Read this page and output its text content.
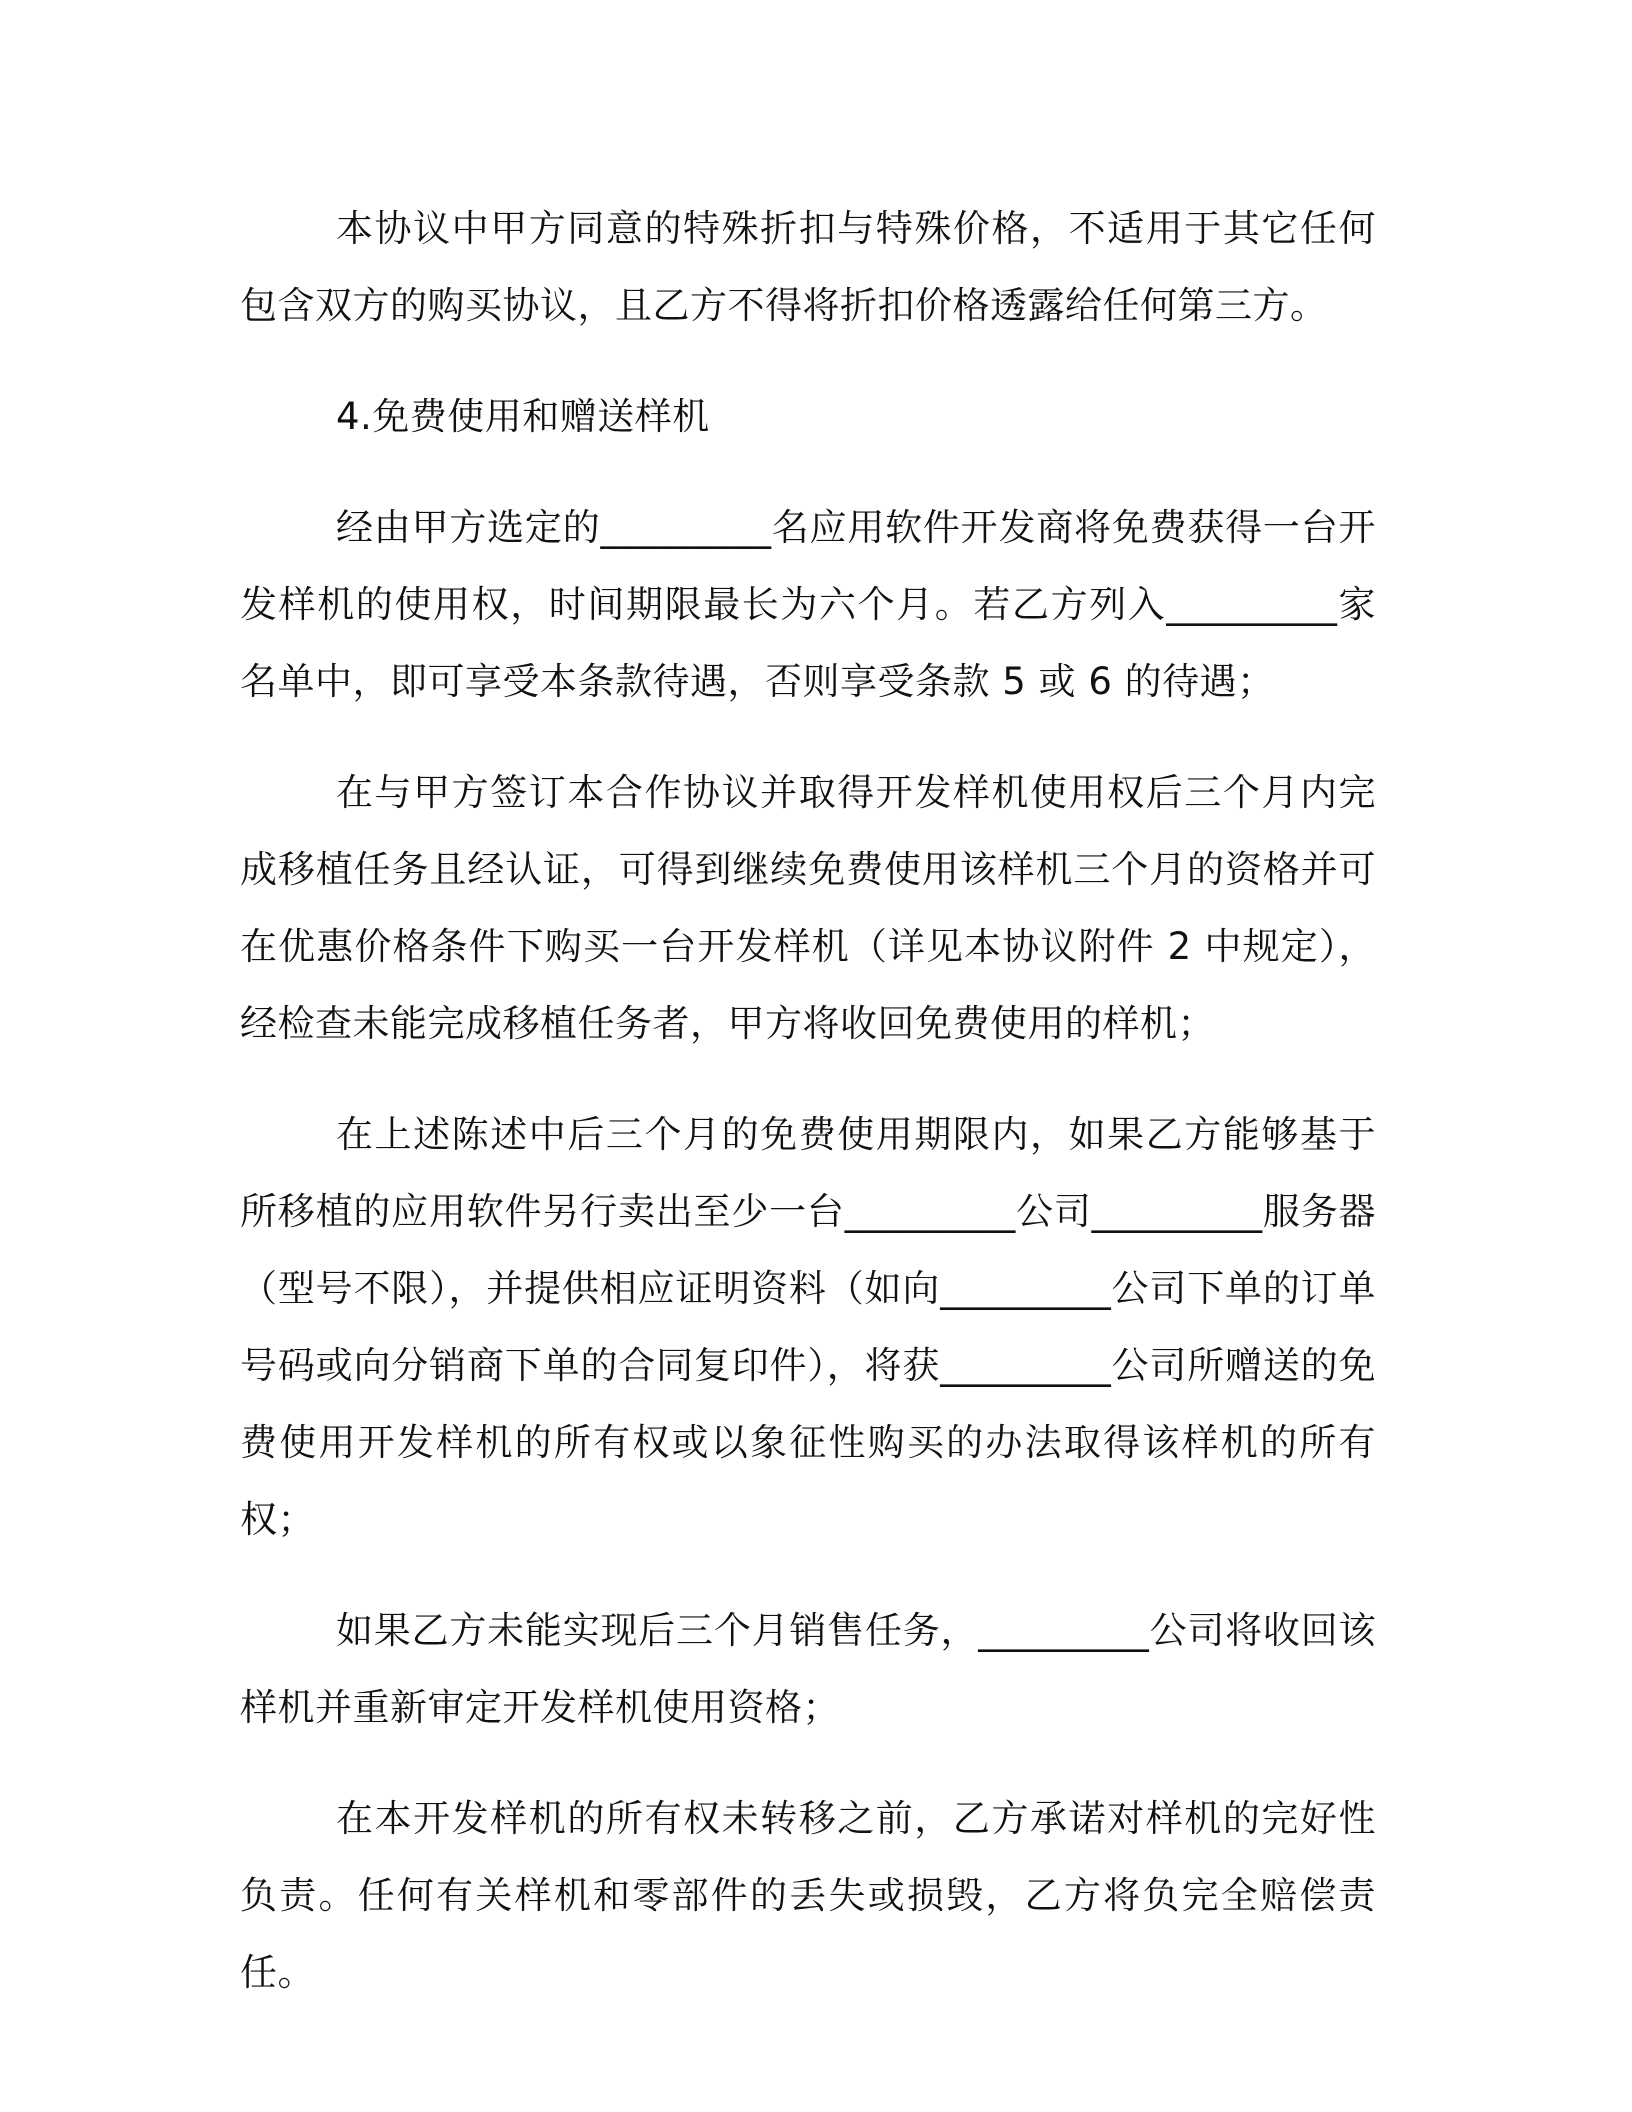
本协议中甲方同意的特殊折扣与特殊价格，不适用于其它任何包含双方的购买协议，且乙方不得将折扣价格透露给任何第三方。

4.免费使用和赠送样机

经由甲方选定的_________名应用软件开发商将免费获得一台开发样机的使用权，时间期限最长为六个月。若乙方列入_________家名单中，即可享受本条款待遇，否则享受条款 5 或 6 的待遇；

在与甲方签订本合作协议并取得开发样机使用权后三个月内完成移植任务且经认证，可得到继续免费使用该样机三个月的资格并可在优惠价格条件下购买一台开发样机（详见本协议附件 2 中规定），经检查未能完成移植任务者，甲方将收回免费使用的样机；

在上述陈述中后三个月的免费使用期限内，如果乙方能够基于所移植的应用软件另行卖出至少一台_________公司_________服务器（型号不限），并提供相应证明资料（如向_________公司下单的订单号码或向分销商下单的合同复印件），将获_________公司所赠送的免费使用开发样机的所有权或以象征性购买的办法取得该样机的所有权；

如果乙方未能实现后三个月销售任务，_________公司将收回该样机并重新审定开发样机使用资格；

在本开发样机的所有权未转移之前，乙方承诺对样机的完好性负责。任何有关样机和零部件的丢失或损毁，乙方将负完全赔偿责任。
